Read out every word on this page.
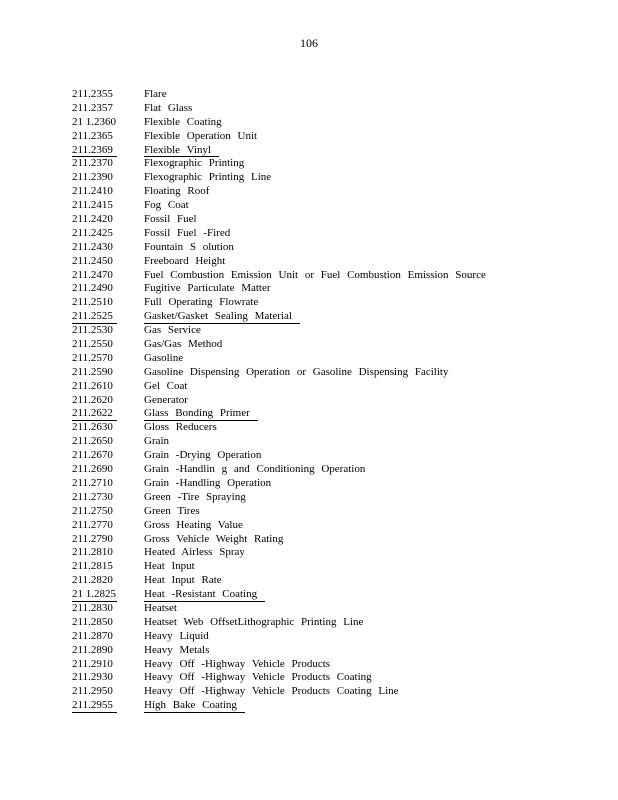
106
211.2355	Flare
211.2357	Flat Glass
21 1.2360	Flexible Coating
211.2365	Flexible Operation Unit
211.2369	Flexible Vinyl
211.2370	Flexographic Printing
211.2390	Flexographic Printing Line
211.2410	Floating Roof
211.2415	Fog Coat
211.2420	Fossil Fuel
211.2425	Fossil Fuel -Fired
211.2430	Fountain S olution
211.2450	Freeboard Height
211.2470	Fuel Combustion Emission Unit or Fuel Combustion Emission Source
211.2490	Fugitive Particulate Matter
211.2510	Full Operating Flowrate
211.2525	Gasket/Gasket Sealing Material
211.2530	Gas Service
211.2550	Gas/Gas Method
211.2570	Gasoline
211.2590	Gasoline Dispensing Operation or Gasoline Dispensing Facility
211.2610	Gel Coat
211.2620	Generator
211.2622	Glass Bonding Primer
211.2630	Gloss Reducers
211.2650	Grain
211.2670	Grain -Drying Operation
211.2690	Grain -Handlin g and Conditioning Operation
211.2710	Grain -Handling Operation
211.2730	Green -Tire Spraying
211.2750	Green Tires
211.2770	Gross Heating Value
211.2790	Gross Vehicle Weight Rating
211.2810	Heated Airless Spray
211.2815	Heat Input
211.2820	Heat Input Rate
21 1.2825	Heat -Resistant Coating
211.2830	Heatset
211.2850	Heatset Web OffsetLithographic Printing Line
211.2870	Heavy Liquid
211.2890	Heavy Metals
211.2910	Heavy Off -Highway Vehicle Products
211.2930	Heavy Off -Highway Vehicle Products Coating
211.2950	Heavy Off -Highway Vehicle Products Coating Line
211.2955	High Bake Coating
